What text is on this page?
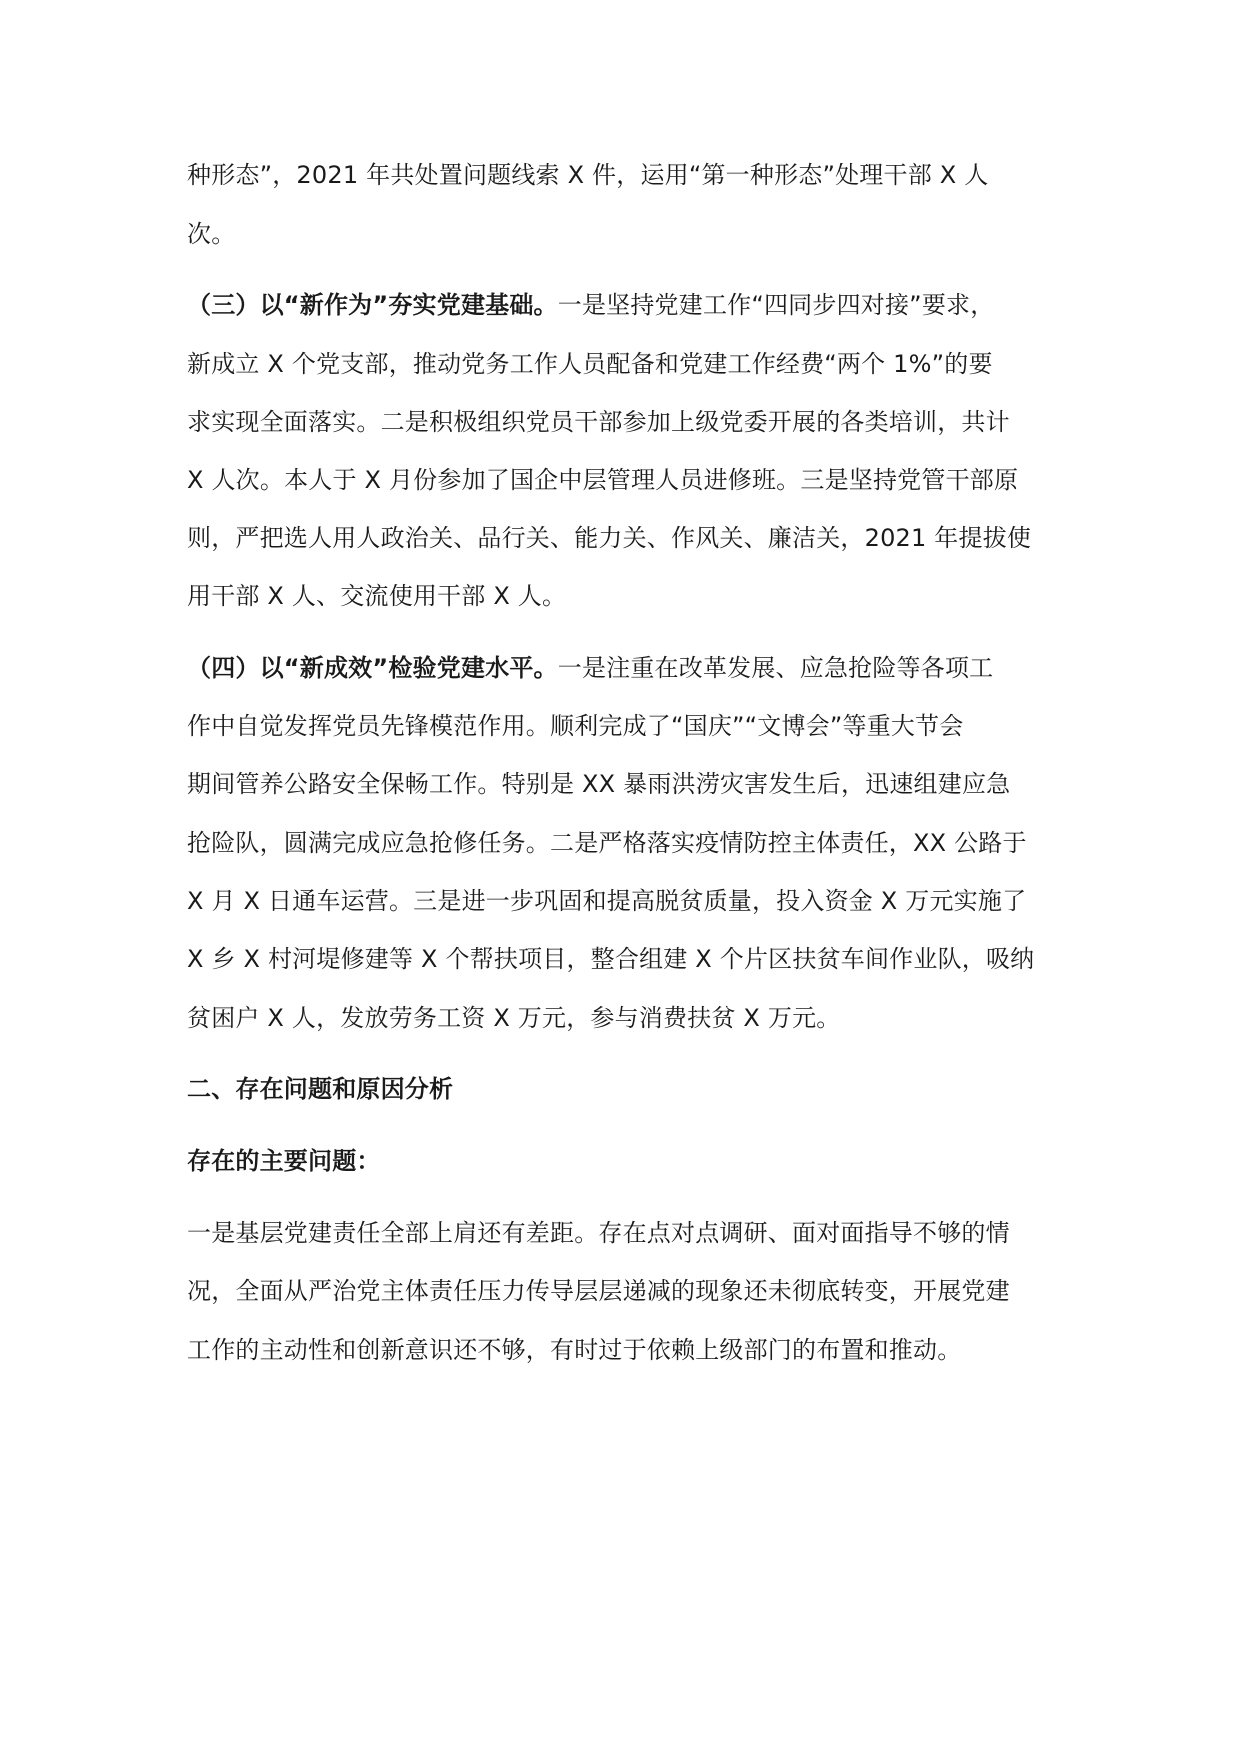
种形态”，2021 年共处置问题线索 X 件，运用“第一种形态”处理干部 X 人
次。
（三）以“新作为”夯实党建基础。一是坚持党建工作“四同步四对接”要求，
新成立 X 个党支部，推动党务工作人员配备和党建工作经费“两个 1%”的要
求实现全面落实。二是积极组织党员干部参加上级党委开展的各类培训，共计
X 人次。本人于 X 月份参加了国企中层管理人员进修班。三是坚持党管干部原
则，严把选人用人政治关、品行关、能力关、作风关、廉洁关，2021 年提拔使
用干部 X 人、交流使用干部 X 人。
（四）以“新成效”检验党建水平。一是注重在改革发展、应急抢险等各项工
作中自觉发挥党员先锋模范作用。顺利完成了“国庆”“文博会”等重大节会
期间管养公路安全保畅工作。特别是 XX 暴雨洪涝灾害发生后，迅速组建应急
抢险队，圆满完成应急抢修任务。二是严格落实疫情防控主体责任，XX 公路于
X 月 X 日通车运营。三是进一步巩固和提高脱贫质量，投入资金 X 万元实施了
X 乡 X 村河堤修建等 X 个帮扶项目，整合组建 X 个片区扶贫车间作业队，吸纳
贫困户 X 人，发放劳务工资 X 万元，参与消费扶贫 X 万元。
二、存在问题和原因分析
存在的主要问题：
一是基层党建责任全部上肩还有差距。存在点对点调研、面对面指导不够的情
况，全面从严治党主体责任压力传导层层递减的现象还未彻底转变，开展党建
工作的主动性和创新意识还不够，有时过于依赖上级部门的布置和推动。
